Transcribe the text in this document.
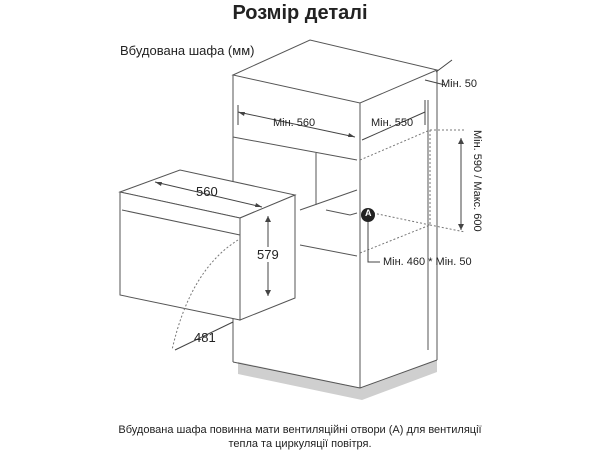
Розмір деталі
Вбудована шафа (мм)
Мін. 560	Мін. 550
Мін. 50
Мін. 590 / Макс. 600
Мін. 460 * Мін. 50
A
560
579
481
Вбудована шафа повинна мати вентиляційні отвори (A) для вентиляції
тепла та циркуляції повітря.
